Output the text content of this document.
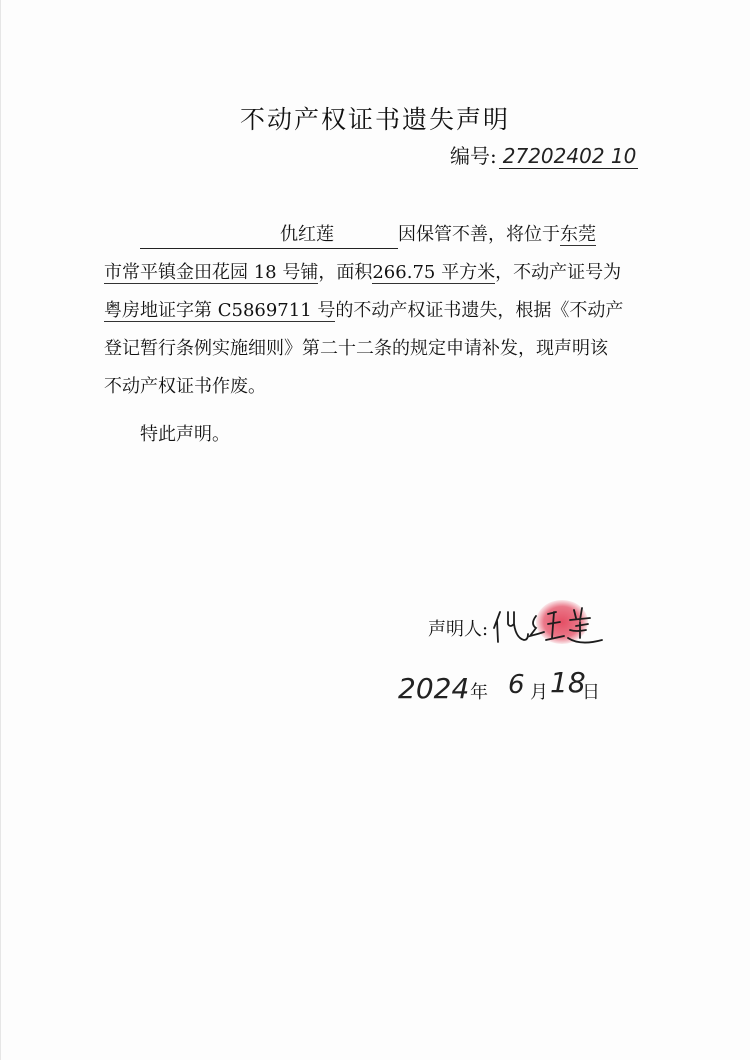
不动产权证书遗失声明
编号: 27202402 10
仇红莲	因保管不善，将位于东莞
市常平镇金田花园 18 号铺，面积266.75 平方米，不动产证号为
粤房地证字第 C5869711 号的不动产权证书遗失，根据《不动产
登记暂行条例实施细则》第二十二条的规定申请补发，现声明该
不动产权证书作废。
特此声明。
声明人:
2024 年 6 月 18
日
